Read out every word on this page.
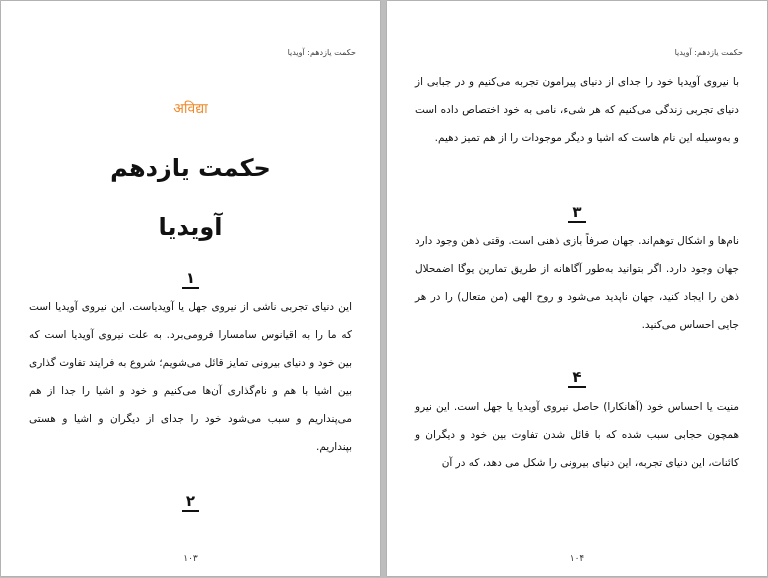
حکمت یازدهم: آویدیا
अविद्या
حکمت یازدهم
آویدیا
۱
این دنیای تجربی ناشی از نیروی جهل یا آویدیاست. این نیروی آویدیا است که ما را به اقیانوس سامسارا فرومی‌برد. به علت نیروی آویدیا است که بین خود و دنیای بیرونی تمایز قائل می‌شویم؛ شروع به فرایند تفاوت گذاری بین اشیا با هم و نام‌گذاری آن‌ها می‌کنیم و خود و اشیا را جدا از هم می‌پنداریم و سبب می‌شود خود را جدای از دیگران و اشیا و هستی بپنداریم.
۲
۱۰۳
حکمت یازدهم: آویدیا
با نیروی آویدیا خود را جدای از دنیای پیرامون تجربه می‌کنیم و در جبابی از دنیای تجربی زندگی می‌کنیم که هر شیء، نامی به خود اختصاص داده است و به‌وسیله این نام هاست که اشیا و دیگر موجودات را از هم تمیز دهیم.
۳
نام‌ها و اشکال توهم‌اند. جهان صرفاً بازی ذهنی است. وقتی ذهن وجود دارد جهان وجود دارد. اگر بتوانید به‌طور آگاهانه از طریق تمارین یوگا اضمحلال ذهن را ایجاد کنید، جهان ناپدید می‌شود و روح الهی (من متعال) را در هر جایی احساس می‌کنید.
۴
منیت یا احساس خود (آهانکارا) حاصل نیروی آویدیا یا جهل است. این نیرو همچون حجابی سبب شده که با قائل شدن تفاوت بین خود و دیگران و کائنات، این دنیای تجربه، این دنیای بیرونی را شکل می دهد، که در آن
۱۰۴
